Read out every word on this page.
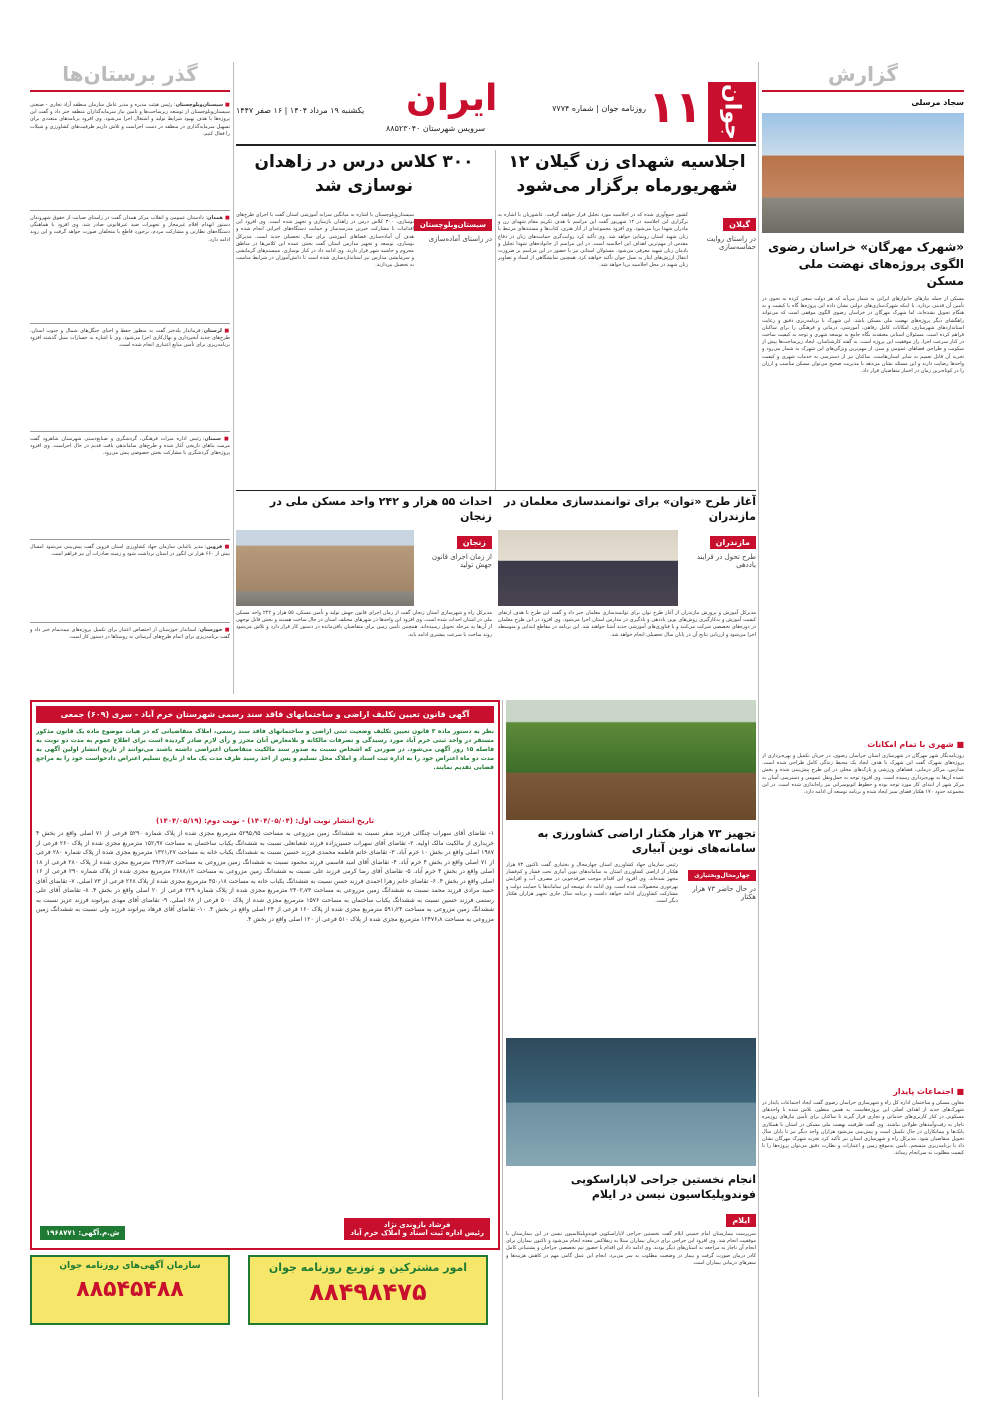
جوان
۱۱
روزنامه جوان | شماره ۷۷۷۴
ایران
یکشنبه ۱۹ مرداد ۱۴۰۴ | ۱۶ صفر ۱۴۴۷
سرویس شهرستان ۸۸۵۲۳۰۴۰
گذر برستان‌ها
■ سیستان‌وبلوچستان: رئیس هیئت مدیره و مدیر عامل سازمان منطقه آزاد تجاری - صنعتی سیستان‌وبلوچستان از توسعه زیرساخت‌ها و تامین نیاز سرمایه‌گذاران منطقه خبر داد و گفت این پروژه‌ها با هدف بهبود شرایط تولید و اشتغال اجرا می‌شود. وی افزود برنامه‌های متعددی برای تسهیل سرمایه‌گذاری در منطقه در دست اجراست و تلاش داریم ظرفیت‌های کشاورزی و شیلات را فعال کنیم.
■ همدان: دادستان عمومی و انقلاب مرکز همدان گفت در راستای صیانت از حقوق شهروندان دستور انهدام اقلام غیرمجاز و تجهیزات صید غیرقانونی صادر شد. وی افزود با هماهنگی دستگاه‌های نظارتی و مشارکت مردم، برخورد قاطع با متخلفان صورت خواهد گرفت و این روند ادامه دارد.
■ لرستان: فرماندار پلدختر گفت به منظور حفظ و احیای جنگل‌های شمال و جنوب استان، طرح‌های جدید آبخیزداری و نهال‌کاری اجرا می‌شود. وی با اشاره به خسارات سیل گذشته افزود برنامه‌ریزی برای تأمین منابع اعتباری انجام شده است.
■ سمنان: رئیس اداره میراث فرهنگی، گردشگری و صنایع‌دستی شهرستان شاهرود گفت مرمت بناهای تاریخی آغاز شده و طرح‌های ساماندهی بافت قدیم در حال اجراست. وی افزود پروژه‌های گردشگری با مشارکت بخش خصوصی پیش می‌رود.
■ قزوین: مدیر باغبانی سازمان جهاد کشاورزی استان قزوین گفت پیش‌بینی می‌شود امسال بیش از ۶۶۰ هزار تن انگور در استان برداشت شود و زمینه صادرات آن نیز فراهم است.
■ خوزستان: استاندار خوزستان از اختصاص اعتبار برای تکمیل پروژه‌های نیمه‌تمام خبر داد و گفت برنامه‌ریزی برای اتمام طرح‌های آبرسانی به روستاها در دستور کار است.
گزارش
سجاد مرسلی
«شهرک مهرگان» خراسان رضوی الگوی پروژه‌های نهضت ملی مسکن
مسکن از جمله نیازهای خانوارهای ایرانی به شمار می‌آید که هر دولت سعی کرده به نحوی در تأمین آن قدمی بردارد. با اینکه شهرک‌سازی‌های دولتی نشان داده این پروژه‌ها گاه با کیفیت و به هنگام تحویل نشده‌اند، اما شهرک مهرگان در خراسان رضوی الگوی موفقی است که می‌تواند راهگشای دیگر پروژه‌های نهضت ملی مسکن باشد. این شهرک با برنامه‌ریزی دقیق و رعایت استانداردهای شهرسازی، امکانات کامل رفاهی، آموزشی، درمانی و فرهنگی را برای ساکنان فراهم کرده است. مسئولان استانی معتقدند نگاه جامع به توسعه شهری و توجه به کیفیت ساخت در کنار سرعت اجرا، راز موفقیت این پروژه است. به گفته کارشناسان، ایجاد زیرساخت‌ها پیش از سکونت و طراحی فضاهای عمومی و سبز، از مهم‌ترین ویژگی‌های این شهرک به شمار می‌رود و تجربه آن قابل تعمیم به سایر استان‌هاست. ساکنان نیز از دسترسی به خدمات شهری و کیفیت واحدها رضایت دارند و این مسئله نشان می‌دهد با مدیریت صحیح می‌توان مسکن مناسب و ارزان را در کوتاه‌ترین زمان در اختیار متقاضیان قرار داد.
■ شهری با تمام امکانات
روزنامه‌نگار شهر مهرگان در شهرسازی استان خراسان رضوی، در جریان تکمیل و بهره‌برداری از پروژه‌های شهرک گفت این شهرک با هدف ایجاد یک محیط زندگی کامل طراحی شده است. مدارس، مراکز درمانی، فضاهای ورزشی و پارک‌های محلی در این طرح پیش‌بینی شده و بخش عمده آن‌ها به بهره‌برداری رسیده است. وی افزود توجه به حمل‌ونقل عمومی و دسترسی آسان به مرکز شهر از ابتدای کار مورد توجه بوده و خطوط اتوبوسرانی نیز راه‌اندازی شده است. در این مجموعه حدود ۱۷۰ هکتار فضای سبز ایجاد شده و برنامه توسعه آن ادامه دارد.
■ اجتماعات پایدار
معاون مسکن و ساختمان اداره کل راه و شهرسازی خراسان رضوی گفت ایجاد اجتماعات پایدار در شهرک‌های جدید از اهداف اصلی این پروژه‌هاست. به همین منظور، تلاش شده تا واحدهای مسکونی در کنار کاربری‌های خدماتی و تجاری قرار گیرند تا ساکنان برای تأمین نیازهای روزمره ناچار به رفت‌وآمدهای طولانی نباشند. وی گفت ظرفیت نهضت ملی مسکن در استان با همکاری بانک‌ها و پیمانکاران در حال تکمیل است و پیش‌بینی می‌شود هزاران واحد دیگر نیز تا پایان سال تحویل متقاضیان شود. مدیرکل راه و شهرسازی استان نیز تأکید کرد تجربه شهرک مهرگان نشان داد با برنامه‌ریزی منسجم، تأمین به‌موقع زمین و اعتبارات و نظارت دقیق می‌توان پروژه‌ها را با کیفیت مطلوب به سرانجام رساند.
اجلاسیه شهدای زن گیلان ۱۲ شهریورماه برگزار می‌شود
گیلان
در راستای روایت حماسه‌سازی
کشور جمع‌آوری شده که در اجلاسیه مورد تجلیل قرار خواهند گرفت. عاشوریان با اشاره به برگزاری این اجلاسیه در ۱۲ شهریور گفت این مراسم با هدف تکریم مقام شهدای زن و مادران شهدا برپا می‌شود. وی افزود مجموعه‌ای از آثار هنری، کتاب‌ها و مستندهای مرتبط با زنان شهید استان رونمایی خواهد شد. وی تأکید کرد روایت‌گری حماسه‌های زنان در دفاع مقدس از مهم‌ترین اهداف این اجلاسیه است. در این مراسم از خانواده‌های شهدا تجلیل و یادمان زنان شهید معرفی می‌شود. مسئولان استانی نیز با حضور در این مراسم بر ضرورت انتقال ارزش‌های ایثار به نسل جوان تأکید خواهند کرد. همچنین نمایشگاهی از اسناد و تصاویر زنان شهید در محل اجلاسیه برپا خواهد شد.
۳۰۰ کلاس درس در زاهدان نوسازی شد
سیستان‌وبلوچستان
در راستای آماده‌سازی
سیستان‌وبلوچستان با اشاره به میانگین سرانه آموزشی استان گفت با اجرای طرح‌های نوسازی، ۳۰۰ کلاس درس در زاهدان بازسازی و تجهیز شده است. وی افزود این اقدامات با مشارکت خیرین مدرسه‌ساز و حمایت دستگاه‌های اجرایی انجام شده و هدف آن آماده‌سازی فضاهای آموزشی برای سال تحصیلی جدید است. مدیرکل نوسازی، توسعه و تجهیز مدارس استان گفت بخش عمده این کلاس‌ها در مناطق محروم و حاشیه شهر قرار دارند. وی ادامه داد در کنار نوسازی، سیستم‌های گرمایشی و سرمایشی مدارس نیز استانداردسازی شده است تا دانش‌آموزان در شرایط مناسب به تحصیل بپردازند.
آغاز طرح «توان» برای توانمندسازی معلمان در مازندران
مازندران
طرح تحول در فرایند یاددهی
مدیرکل آموزش و پرورش مازندران از آغاز طرح توان برای توانمندسازی معلمان خبر داد و گفت این طرح با هدف ارتقای کیفیت آموزش و به‌کارگیری روش‌های نوین یاددهی و یادگیری در مدارس استان اجرا می‌شود. وی افزود در این طرح معلمان در دوره‌های تخصصی شرکت می‌کنند و با فناوری‌های آموزشی جدید آشنا خواهند شد. این برنامه در مقاطع ابتدایی و متوسطه اجرا می‌شود و ارزیابی نتایج آن در پایان سال تحصیلی انجام خواهد شد.
احداث ۵۵ هزار و ۲۴۲ واحد مسکن ملی در زنجان
زنجان
از زمان اجرای قانون جهش تولید
مدیرکل راه و شهرسازی استان زنجان گفت از زمان اجرای قانون جهش تولید و تأمین مسکن، ۵۵ هزار و ۲۴۲ واحد مسکن ملی در استان احداث شده است. وی افزود این واحدها در شهرهای مختلف استان در حال ساخت هستند و بخش قابل توجهی از آن‌ها به مرحله تحویل رسیده‌اند. همچنین تأمین زمین برای متقاضیان باقی‌مانده در دستور کار قرار دارد و تلاش می‌شود روند ساخت با سرعت بیشتری ادامه یابد.
آگهی قانون تعیین تکلیف اراضی و ساختمانهای فاقد سند رسمی شهرستان خرم آباد - سری (۶۰۹) جمعی
نظر به دستور ماده ۳ قانون تعیین تکلیف وضعیت ثبتی اراضی و ساختمانهای فاقد سند رسمی، املاک متقاضیانی که در هیات موضوع ماده یک قانون مذکور مستقر در واحد ثبتی خرم آباد مورد رسیدگی و تصرفات مالکانه و بلامعارض آنان محرز و رأی لازم صادر گردیده است برای اطلاع عموم به مدت دو نوبت به فاصله ۱۵ روز آگهی می‌شود. در صورتی که اشخاص نسبت به صدور سند مالکیت متقاضیان اعتراضی داشته باشند می‌توانند از تاریخ انتشار اولین آگهی به مدت دو ماه اعتراض خود را به اداره ثبت اسناد و املاک محل تسلیم و پس از اخذ رسید ظرف مدت یک ماه از تاریخ تسلیم اعتراض دادخواست خود را به مراجع قضایی تقدیم نمایند.
تاریخ انتشار نوبت اول: (۱۴۰۴/۰۵/۰۴) - نوبت دوم: (۱۴۰۴/۰۵/۱۹)
۱- تقاضای آقای سهراب چنگائی فرزند صفر نسبت به ششدانگ زمین مزروعی به مساحت ۵۲۹۵٫۹۵ مترمربع مجزی شده از پلاک شماره ۵۲۹۰ فرعی از ۷۱ اصلی واقع در بخش ۴ خریداری از مالکیت مالک اولیه. ۲- تقاضای آقای سهراب حسین‌زاده فرزند شعبانعلی نسبت به ششدانگ یکباب ساختمان به مساحت ۱۵۲٫۹۷ مترمربع مجزی شده از پلاک ۲۶۰ فرعی از ۱۹۸۷ اصلی واقع در بخش ۱۰ خرم آباد. ۳- تقاضای خانم فاطمه محمدی فرزند حسین نسبت به ششدانگ یکباب خانه به مساحت ۱۳۲۱٫۲۷ مترمربع مجزی شده از پلاک شماره ۲۸۰ فرعی از ۷۱ اصلی واقع در بخش ۴ خرم آباد. ۴- تقاضای آقای امید قاسمی فرزند محمود نسبت به ششدانگ زمین مزروعی به مساحت ۲۹۲۴٫۷۳ مترمربع مجزی شده از پلاک ۲۸۰ فرعی از ۱۸ اصلی واقع در بخش ۴ خرم آباد. ۵- تقاضای آقای رضا کرمی فرزند علی نسبت به ششدانگ زمین مزروعی به مساحت ۲۶۸۸٫۱۲ مترمربع مجزی شده از پلاک شماره ۲۹۰ فرعی از ۱۶ اصلی واقع در بخش ۴. ۶- تقاضای خانم زهرا احمدی فرزند حسن نسبت به ششدانگ یکباب خانه به مساحت ۴۵۰٫۱۸ مترمربع مجزی شده از پلاک ۲۶۸ فرعی از ۷۳ اصلی. ۷- تقاضای آقای حمید مرادی فرزند محمد نسبت به ششدانگ زمین مزروعی به مساحت ۲۴۰۲٫۷۳ مترمربع مجزی شده از پلاک شماره ۲۲۹ فرعی از ۲۰ اصلی واقع در بخش ۴. ۸- تقاضای آقای علی رستمی فرزند حسین نسبت به ششدانگ یکباب ساختمان به مساحت ۱۵۷۶ مترمربع مجزی شده از پلاک ۵۰۰ فرعی از ۶۸ اصلی. ۹- تقاضای آقای مهدی بیرانوند فرزند عزیز نسبت به ششدانگ زمین مزروعی به مساحت ۵۹۱٫۲۴ مترمربع مجزی شده از پلاک ۱۶۰ فرعی از ۲۴ اصلی واقع در بخش ۴. ۱۰- تقاضای آقای فرهاد بیرانوند فرزند ولی نسبت به ششدانگ زمین مزروعی به مساحت ۱۲۴۷۶٫۸ مترمربع مجزی شده از پلاک ۵۱۰ فرعی از ۱۲۰ اصلی واقع در بخش ۴.
ش.م.آگهی: ۱۹۶۸۷۷۱
فرشاد بازوندی نژاد
رئیس اداره ثبت اسناد و املاک خرم آباد
سازمان آگهی‌های روزنامه جوان
۸۸۵۴۵۴۸۸
امور مشترکین و توزیع روزنامه جوان
۸۸۴۹۸۴۷۵
تجهیز ۷۳ هزار هکتار اراضی کشاورزی به سامانه‌های نوین آبیاری
چهارمحال‌وبختیاری
در حال حاضر ۷۳ هزار هکتار
رئیس سازمان جهاد کشاورزی استان چهارمحال و بختیاری گفت تاکنون ۷۳ هزار هکتار از اراضی کشاورزی استان به سامانه‌های نوین آبیاری تحت فشار و کم‌فشار مجهز شده‌اند. وی افزود این اقدام موجب صرفه‌جویی در مصرف آب و افزایش بهره‌وری محصولات شده است. وی ادامه داد توسعه این سامانه‌ها با حمایت دولت و مشارکت کشاورزان ادامه خواهد داشت و برنامه سال جاری تجهیز هزاران هکتار دیگر است.
انجام نخستین جراحی لاپاراسکوپی فوندوپلیکاسیون نیسن در ایلام
ایلام
سرپرست بیمارستان امام خمینی ایلام گفت نخستین جراحی لاپاراسکوپی فوندوپلیکاسیون نیسن در این بیمارستان با موفقیت انجام شد. وی افزود این جراحی برای درمان بیماران مبتلا به ریفلاکس معده انجام می‌شود و تاکنون بیماران برای انجام آن ناچار به مراجعه به استان‌های دیگر بودند. وی ادامه داد این اقدام با حضور تیم تخصصی جراحان و پشتیبانی کامل کادر درمان صورت گرفت و بیمار در وضعیت مطلوب به سر می‌برد. انجام این عمل گامی مهم در کاهش هزینه‌ها و سفرهای درمانی بیماران است.
